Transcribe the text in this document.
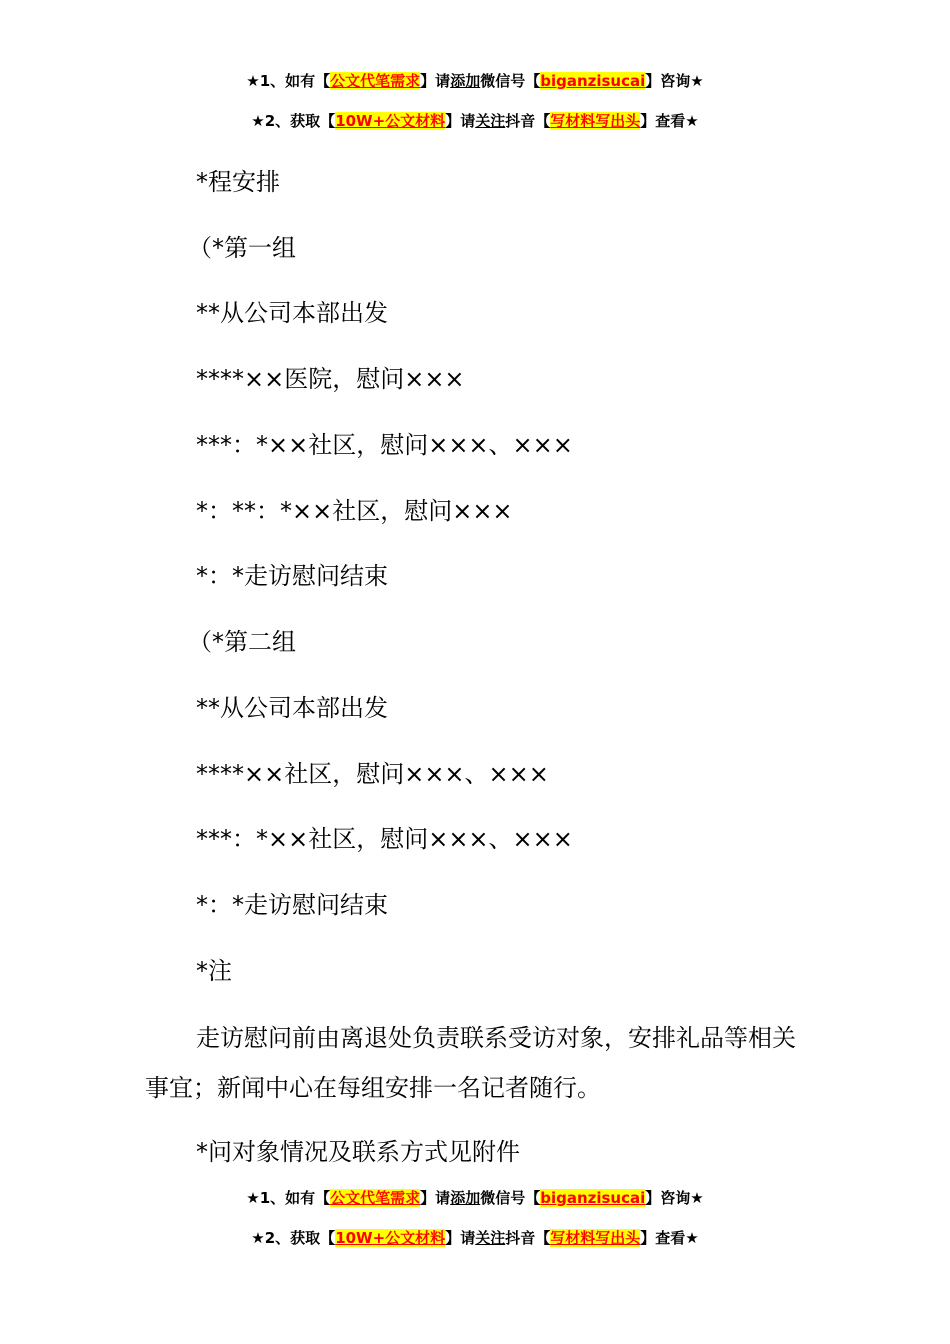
★1、如有【公文代笔需求】请添加微信号【biganzisucai】咨询★
★2、获取【10W+公文材料】请关注抖音【写材料写出头】查看★
*程安排
（*第一组
**从公司本部出发
****××医院，慰问×××
***：*××社区，慰问×××、×××
*：**：*××社区，慰问×××
*：*走访慰问结束
（*第二组
**从公司本部出发
****××社区，慰问×××、×××
***：*××社区，慰问×××、×××
*：*走访慰问结束
*注
走访慰问前由离退处负责联系受访对象，安排礼品等相关事宜；新闻中心在每组安排一名记者随行。
*问对象情况及联系方式见附件
★1、如有【公文代笔需求】请添加微信号【biganzisucai】咨询★
★2、获取【10W+公文材料】请关注抖音【写材料写出头】查看★
